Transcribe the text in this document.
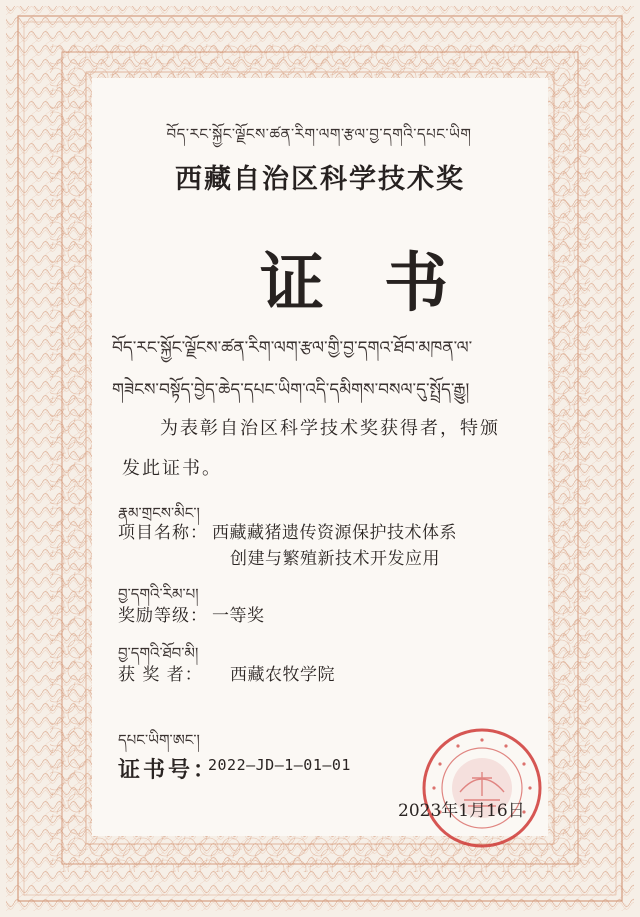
བོད་རང་སྐྱོང་ལྗོངས་ཚན་རིག་ལག་རྩལ་བྱ་དགའི་དཔང་ཡིག
西藏自治区科学技术奖
证书
བོད་རང་སྐྱོང་ལྗོངས་ཚན་རིག་ལག་རྩལ་གྱི་བྱ་དགའ་ཐོབ་མཁན་ལ་
གཟེངས་བསྟོད་བྱེད་ཆེད་དཔང་ཡིག་འདི་དམིགས་བསལ་དུ་སྤྲོད་རྒྱུ།
为表彰自治区科学技术奖获得者，特颁
发此证书。
རྣམ་གྲངས་མིང་།
项目名称： 西藏藏猪遗传资源保护技术体系
创建与繁殖新技术开发应用
བྱ་དགའི་རིམ་པ།
奖励等级： 一等奖
བྱ་དགའི་ཐོབ་མི།
获 奖 者： 西藏农牧学院
དཔང་ཡིག་ཨང་།
证书号：
2022—JD—1—01—01
2023年1月16日
